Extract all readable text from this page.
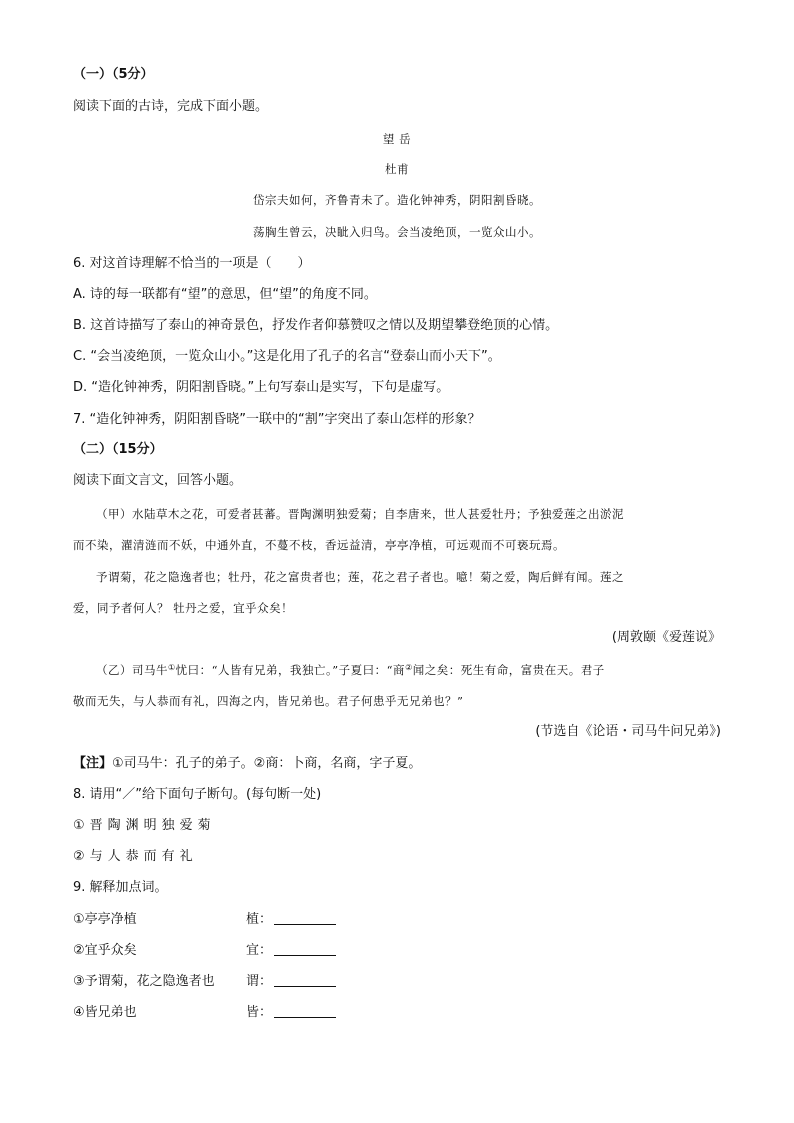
（一）（5分）
阅读下面的古诗，完成下面小题。
望 岳
杜甫
岱宗夫如何，齐鲁青未了。造化钟神秀，阴阳割昏晓。
荡胸生曾云，决眦入归鸟。会当凌绝顶，一览众山小。
6. 对这首诗理解不恰当的一项是（　　）
A. 诗的每一联都有“望”的意思，但“望”的角度不同。
B. 这首诗描写了泰山的神奇景色，抒发作者仰慕赞叹之情以及期望攀登绝顶的心情。
C. “会当凌绝顶，一览众山小。”这是化用了孔子的名言“登泰山而小天下”。
D. “造化钟神秀，阴阳割昏晓。”上句写泰山是实写，下句是虚写。
7. “造化钟神秀，阴阳割昏晓”一联中的“割”字突出了泰山怎样的形象？
（二）（15分）
阅读下面文言文，回答小题。
（甲）水陆草木之花，可爱者甚蕃。晋陶渊明独爱菊；自李唐来，世人甚爱牡丹；予独爱莲之出淤泥
而不染，濯清涟而不妖，中通外直，不蔓不枝，香远益清，亭亭净植，可远观而不可亵玩焉。
予谓菊，花之隐逸者也；牡丹，花之富贵者也；莲，花之君子者也。噫！菊之爱，陶后鲜有闻。莲之
爱，同予者何人？ 牡丹之爱，宜乎众矣！
(周敦颐《爱莲说》
（乙）司马牛①忧曰：“人皆有兄弟，我独亡。”子夏曰：“商②闻之矣：死生有命，富贵在天。君子
敬而无失，与人恭而有礼，四海之内，皆兄弟也。君子何患乎无兄弟也？”
(节选自《论语・司马牛问兄弟》)
【注】①司马牛：孔子的弟子。②商：卜商，名商，字子夏。
8. 请用“／”给下面句子断句。(每句断一处)
①晋陶渊明独爱菊
②与人恭而有礼
9. 解释加点词。
①亭亭净植	植：
②宜乎众矣	宜：
③予谓菊，花之隐逸者也 谓：
④皆兄弟也	皆：
